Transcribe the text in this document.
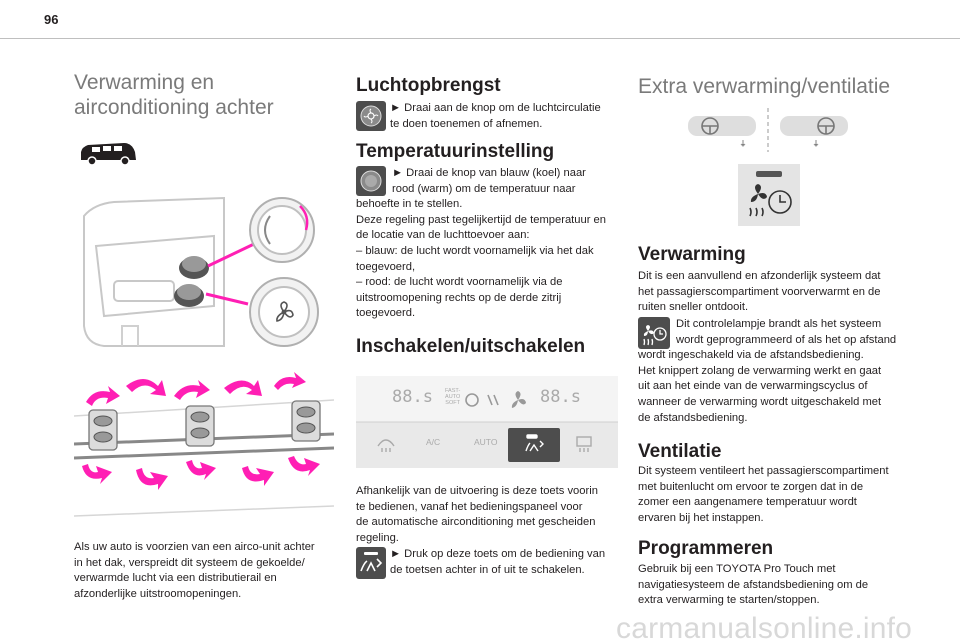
96
Verwarming en
airconditioning achter
Als uw auto is voorzien van een airco-unit achter
in het dak, verspreidt dit systeem de gekoelde/
verwarmde lucht via een distributierail en
afzonderlijke uitstroomopeningen.
Luchtopbrengst
► Draai aan de knop om de luchtcirculatie
te doen toenemen of afnemen.
Temperatuurinstelling
► Draai de knop van blauw (koel) naar
rood (warm) om de temperatuur naar
behoefte in te stellen.
Deze regeling past tegelijkertijd de temperatuur en
de locatie van de luchttoevoer aan:
– blauw: de lucht wordt voornamelijk via het dak
toegevoerd,
– rood: de lucht wordt voornamelijk via de
uitstroomopening rechts op de derde zitrij
toegevoerd.
Inschakelen/uitschakelen
88.s FAST-
AUTO
SOFT	88.s
A/C	AUTO
Afhankelijk van de uitvoering is deze toets voorin
te bedienen, vanaf het bedieningspaneel voor
de automatische airconditioning met gescheiden
regeling.
► Druk op deze toets om de bediening van
de toetsen achter in of uit te schakelen.
Extra verwarming/ventilatie
Verwarming
Dit is een aanvullend en afzonderlijk systeem dat
het passagierscompartiment voorverwarmt en de
ruiten sneller ontdooit.
Dit controlelampje brandt als het systeem
wordt geprogrammeerd of als het op afstand
wordt ingeschakeld via de afstandsbediening.
Het knippert zolang de verwarming werkt en gaat
uit aan het einde van de verwarmingscyclus of
wanneer de verwarming wordt uitgeschakeld met
de afstandsbediening.
Ventilatie
Dit systeem ventileert het passagierscompartiment
met buitenlucht om ervoor te zorgen dat in de
zomer een aangenamere temperatuur wordt
ervaren bij het instappen.
Programmeren
Gebruik bij een TOYOTA Pro Touch met
navigatiesysteem de afstandsbediening om de
extra verwarming te starten/stoppen.
carmanualsonline.info
